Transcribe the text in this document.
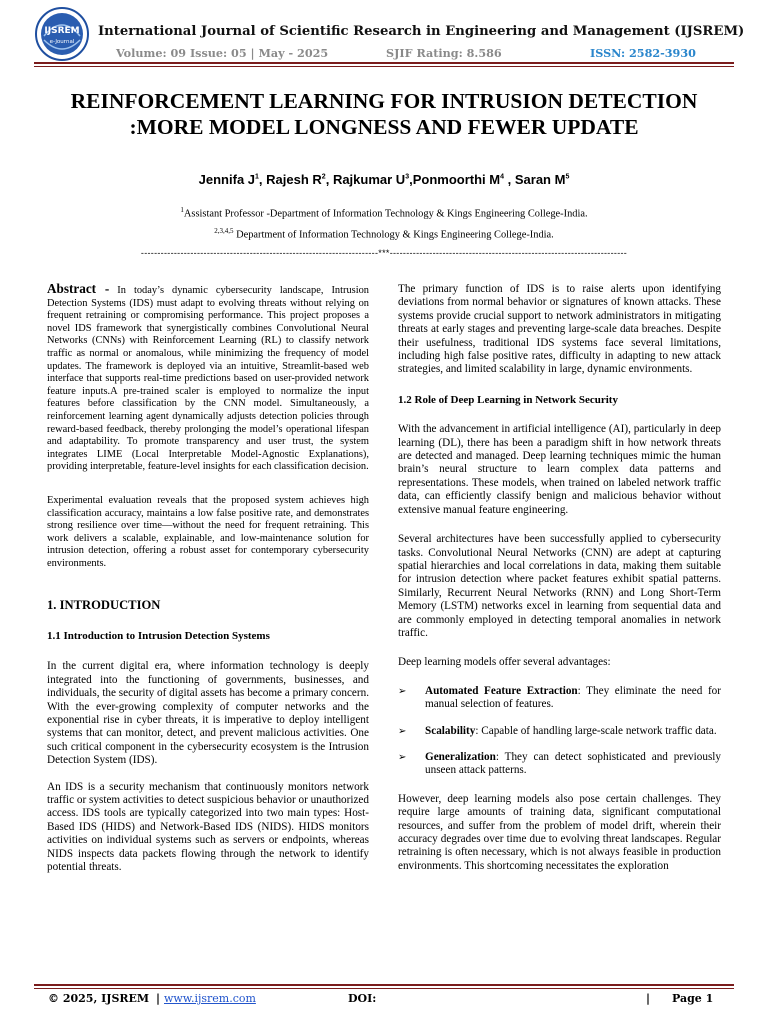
IJSREM
e-Journal
International Journal of Scientific Research in Engineering and Management (IJSREM)
Volume: 09 Issue: 05 | May - 2025	SJIF Rating: 8.586	ISSN: 2582-3930
REINFORCEMENT LEARNING FOR INTRUSION DETECTION :MORE MODEL LONGNESS AND FEWER UPDATE
Jennifa $J^1$, Rajesh $R^2$, Rajkumar $U^3,Ponmoorthi$ $M^4$ , Saran $M^5$
$^1$Assistant Professor -Department of Information Technology & Kings Engineering College-India.
$^{2,3,4,5}$ Department of Information Technology & Kings Engineering College-India.
------------------------------------------------------------------------***------------------------------------------------------------------------

Abstract - In today’s dynamic cybersecurity landscape, Intrusion Detection Systems (IDS) must adapt to evolving threats without relying on frequent retraining or compromising performance. This project proposes a novel IDS framework that synergistically combines Convolutional Neural Networks (CNNs) with Reinforcement Learning (RL) to classify network traffic as normal or anomalous, while minimizing the frequency of model updates. The framework is deployed via an intuitive, Streamlit-based web interface that supports real-time predictions based on user-provided network feature inputs.A pre-trained scaler is employed to normalize the input features before classification by the CNN model. Simultaneously, a reinforcement learning agent dynamically adjusts detection policies through reward-based feedback, thereby prolonging the model’s operational lifespan and adaptability. To promote transparency and user trust, the system integrates LIME (Local Interpretable Model-Agnostic Explanations), providing interpretable, feature-level insights for each classification decision.

Experimental evaluation reveals that the proposed system achieves high classification accuracy, maintains a low false positive rate, and demonstrates strong resilience over time—without the need for frequent retraining. This work delivers a scalable, explainable, and low-maintenance solution for intrusion detection, offering a robust asset for contemporary cybersecurity environments.

1. INTRODUCTION

1.1 Introduction to Intrusion Detection Systems

In the current digital era, where information technology is deeply integrated into the functioning of governments, businesses, and individuals, the security of digital assets has become a primary concern. With the ever-growing complexity of computer networks and the exponential rise in cyber threats, it is imperative to deploy intelligent systems that can monitor, detect, and prevent malicious activities. One such critical component in the cybersecurity ecosystem is the Intrusion Detection System (IDS).

An IDS is a security mechanism that continuously monitors network traffic or system activities to detect suspicious behavior or unauthorized access. IDS tools are typically categorized into two main types: Host-Based IDS (HIDS) and Network-Based IDS (NIDS). HIDS monitors activities on individual systems such as servers or endpoints, whereas NIDS inspects data packets flowing through the network to identify potential threats.

The primary function of IDS is to raise alerts upon identifying deviations from normal behavior or signatures of known attacks. These systems provide crucial support to network administrators in mitigating threats at early stages and preventing large-scale data breaches. Despite their usefulness, traditional IDS systems face several limitations, including high false positive rates, difficulty in adapting to new attack strategies, and limited scalability in large, dynamic environments.

1.2 Role of Deep Learning in Network Security

With the advancement in artificial intelligence (AI), particularly in deep learning (DL), there has been a paradigm shift in how network threats are detected and managed. Deep learning techniques mimic the human brain’s neural structure to learn complex data patterns and representations. These models, when trained on labeled network traffic data, can efficiently classify benign and malicious behavior without extensive manual feature engineering.

Several architectures have been successfully applied to cybersecurity tasks. Convolutional Neural Networks (CNN) are adept at capturing spatial hierarchies and local correlations in data, making them suitable for intrusion detection where packet features exhibit spatial patterns. Similarly, Recurrent Neural Networks (RNN) and Long Short-Term Memory (LSTM) networks excel in learning from sequential data and are commonly employed in detecting temporal anomalies in network traffic.

Deep learning models offer several advantages:

➢ Automated Feature Extraction: They eliminate the need for manual selection of features.
➢ Scalability: Capable of handling large-scale network traffic data.
➢ Generalization: They can detect sophisticated and previously unseen attack patterns.

However, deep learning models also pose certain challenges. They require large amounts of training data, significant computational resources, and suffer from the problem of model drift, wherein their accuracy degrades over time due to evolving threat landscapes. Regular retraining is often necessary, which is not always feasible in production environments. This shortcoming necessitates the exploration

© 2025, IJSREM | www.ijsrem.com	DOI:	| Page 1
